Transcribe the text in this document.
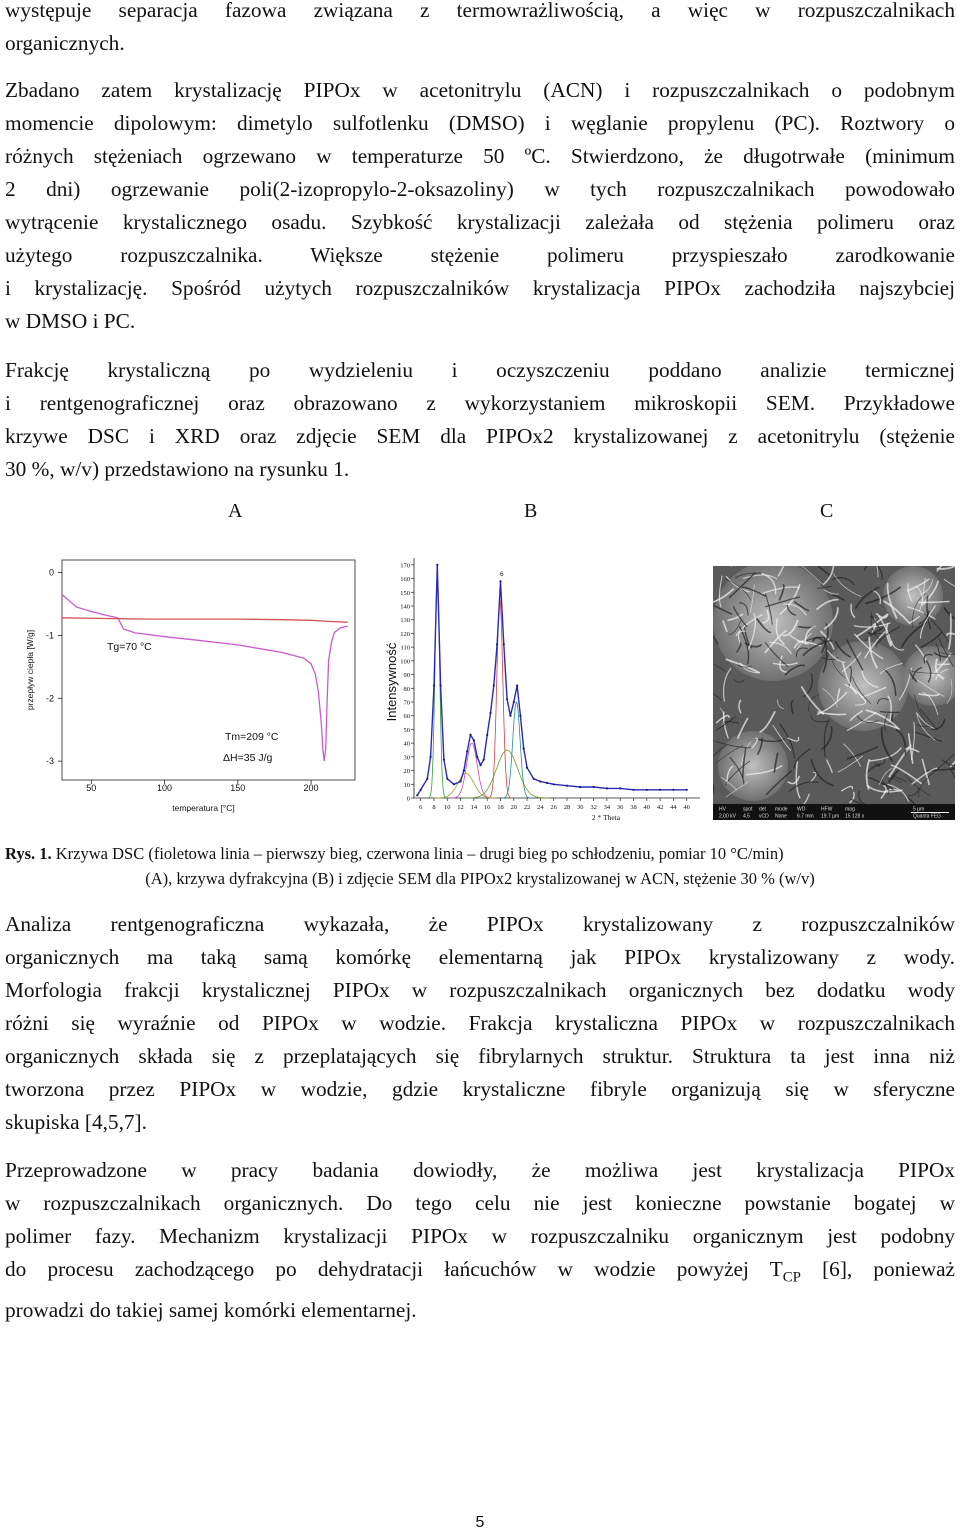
występuje separacja fazowa związana z termowrażliwością, a więc w rozpuszczalnikach
organicznych.
Zbadano zatem krystalizację PIPOx w acetonitrylu (ACN) i rozpuszczalnikach o podobnym
momencie dipolowym: dimetylo sulfotlenku (DMSO) i węglanie propylenu (PC). Roztwory o
różnych stężeniach ogrzewano w temperaturze 50 ºC. Stwierdzono, że długotrwałe (minimum
2 dni) ogrzewanie poli(2-izopropylo-2-oksazoliny) w tych rozpuszczalnikach powodowało
wytrącenie krystalicznego osadu. Szybkość krystalizacji zależała od stężenia polimeru oraz
użytego rozpuszczalnika. Większe stężenie polimeru przyspieszało zarodkowanie
i krystalizację. Spośród użytych rozpuszczalników krystalizacja PIPOx zachodziła najszybciej
w DMSO i PC.
Frakcję krystaliczną po wydzieleniu i oczyszczeniu poddano analizie termicznej
i rentgenograficznej oraz obrazowano z wykorzystaniem mikroskopii SEM. Przykładowe
krzywe DSC i XRD oraz zdjęcie SEM dla PIPOx2 krystalizowanej z acetonitrylu (stężenie
30 %, w/v) przedstawiono na rysunku 1.
A	B	C
0
-1
-2
-3
50	100	150	200
przepływ ciepła [W/g]
temperatura [°C]
Tg=70 °C
Tm=209 °C
ΔH=35 J/g
0
10
20
30
40
50
60
70
80
90
100
110
120
130
140
150
160
170
6 8 10 12 14 16 18 20 22 24 26 28 30 32 34 36 38 40 42 44 46
Intensywność
2 * Theta
6
HV	spot det mode WD	HFW	mag	5 µm
2.00 kV 4.5 vCD None 6.7 mm 19.7 µm 15 128 x	Quanta FEG
Rys. 1. Krzywa DSC (fioletowa linia – pierwszy bieg, czerwona linia – drugi bieg po schłodzeniu, pomiar 10 °C/min)
(A), krzywa dyfrakcyjna (B) i zdjęcie SEM dla PIPOx2 krystalizowanej w ACN, stężenie 30 % (w/v)
Analiza rentgenograficzna wykazała, że PIPOx krystalizowany z rozpuszczalników
organicznych ma taką samą komórkę elementarną jak PIPOx krystalizowany z wody.
Morfologia frakcji krystalicznej PIPOx w rozpuszczalnikach organicznych bez dodatku wody
różni się wyraźnie od PIPOx w wodzie. Frakcja krystaliczna PIPOx w rozpuszczalnikach
organicznych składa się z przeplatających się fibrylarnych struktur. Struktura ta jest inna niż
tworzona przez PIPOx w wodzie, gdzie krystaliczne fibryle organizują się w sferyczne
skupiska [4,5,7].
Przeprowadzone w pracy badania dowiodły, że możliwa jest krystalizacja PIPOx
w rozpuszczalnikach organicznych. Do tego celu nie jest konieczne powstanie bogatej w
polimer fazy. Mechanizm krystalizacji PIPOx w rozpuszczalniku organicznym jest podobny
do procesu zachodzącego po dehydratacji łańcuchów w wodzie powyżej $T_{CP}$ [6], ponieważ
prowadzi do takiej samej komórki elementarnej.
5
